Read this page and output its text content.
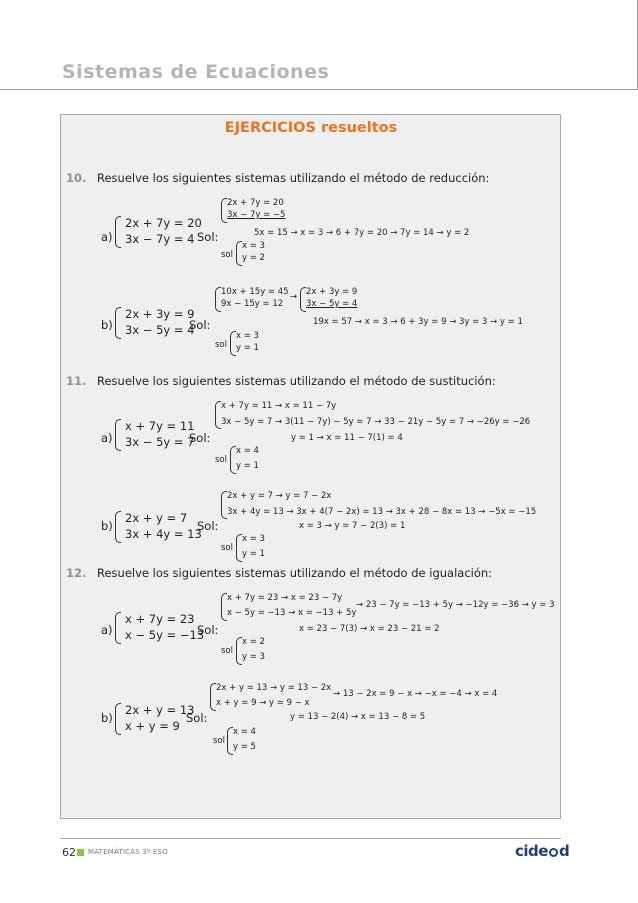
Sistemas de Ecuaciones
EJERCICIOS resueltos
10. Resuelve los siguientes sistemas utilizando el método de reducción:
a)
2x + 7y = 20
3x − 7y = 4 Sol:
2x + 7y = 20
3x − 7y = −5
5x = 15 → x = 3 → 6 + 7y = 20 → 7y = 14 → y = 2
sol
x = 3
y = 2
b)
2x + 3y = 9
3x − 5y = 4
Sol:
10x + 15y = 45
9x − 15y = 12
→ 2x + 3y = 9
3x − 5y = 4
19x = 57 → x = 3 → 6 + 3y = 9 → 3y = 3 → y = 1
sol
x = 3
y = 1
11. Resuelve los siguientes sistemas utilizando el método de sustitución:
a)
x + 7y = 11
3x − 5y = 7
Sol:
x + 7y = 11 → x = 11 − 7y
3x − 5y = 7 → 3(11 − 7y) − 5y = 7 → 33 − 21y − 5y = 7 → −26y = −26
y = 1 → x = 11 − 7(1) = 4
sol
x = 4
y = 1
b)
2x + y = 7
3x + 4y = 13
Sol:
2x + y = 7 → y = 7 − 2x
3x + 4y = 13 → 3x + 4(7 − 2x) = 13 → 3x + 28 − 8x = 13 → −5x = −15
x = 3 → y = 7 − 2(3) = 1
sol
x = 3
y = 1
12. Resuelve los siguientes sistemas utilizando el método de igualación:
a)
x + 7y = 23
x − 5y = −13
Sol:
x + 7y = 23 → x = 23 − 7y
x − 5y = −13 → x = −13 + 5y
→ 23 − 7y = −13 + 5y → −12y = −36 → y = 3
x = 23 − 7(3) → x = 23 − 21 = 2
sol
x = 2
y = 3
b)
2x + y = 13
x + y = 9
Sol:
2x + y = 13 → y = 13 − 2x
x + y = 9 → y = 9 − x
→ 13 − 2x = 9 − x → −x = −4 → x = 4
y = 13 − 2(4) → x = 13 − 8 = 5
sol
x = 4
y = 5
62 MATEMÁTICAS 3º ESO	cide d
